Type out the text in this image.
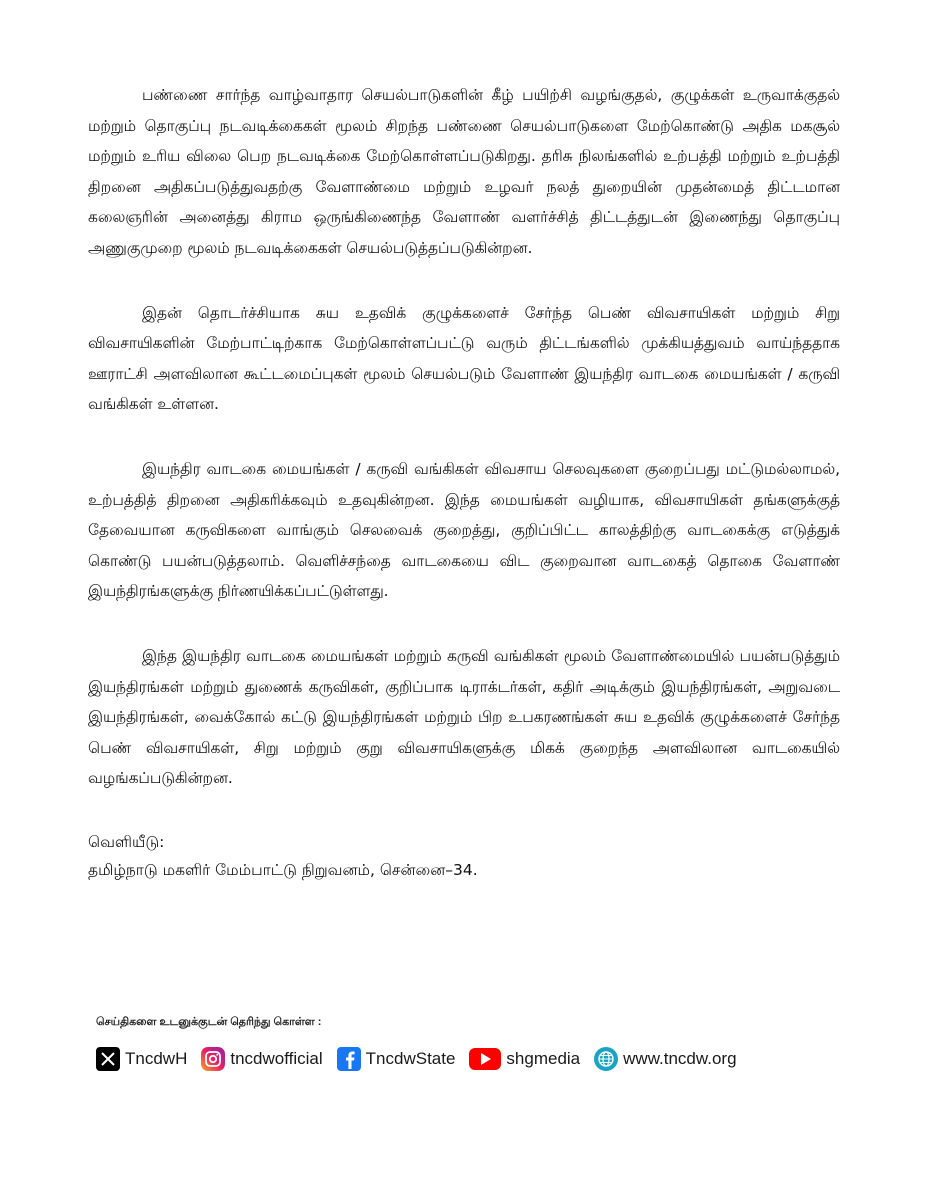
பண்ணை சார்ந்த வாழ்வாதார செயல்பாடுகளின் கீழ் பயிற்சி வழங்குதல், குழுக்கள் உருவாக்குதல் மற்றும் தொகுப்பு நடவடிக்கைகள் மூலம் சிறந்த பண்ணை செயல்பாடுகளை மேற்கொண்டு அதிக மகசூல் மற்றும் உரிய விலை பெற நடவடிக்கை மேற்கொள்ளப்படுகிறது. தரிசு நிலங்களில் உற்பத்தி மற்றும் உற்பத்தி திறனை அதிகப்படுத்துவதற்கு வேளாண்மை மற்றும் உழவர் நலத் துறையின் முதன்மைத் திட்டமான கலைஞரின் அனைத்து கிராம ஒருங்கிணைந்த வேளாண் வளர்ச்சித் திட்டத்துடன் இணைந்து தொகுப்பு அணுகுமுறை மூலம் நடவடிக்கைகள் செயல்படுத்தப்படுகின்றன.

இதன் தொடர்ச்சியாக சுய உதவிக் குழுக்களைச் சேர்ந்த பெண் விவசாயிகள் மற்றும் சிறு விவசாயிகளின் மேற்பாட்டிற்காக மேற்கொள்ளப்பட்டு வரும் திட்டங்களில் முக்கியத்துவம் வாய்ந்ததாக ஊராட்சி அளவிலான கூட்டமைப்புகள் மூலம் செயல்படும் வேளாண் இயந்திர வாடகை மையங்கள் / கருவி வங்கிகள் உள்ளன.

இயந்திர வாடகை மையங்கள் / கருவி வங்கிகள் விவசாய செலவுகளை குறைப்பது மட்டுமல்லாமல், உற்பத்தித் திறனை அதிகரிக்கவும் உதவுகின்றன. இந்த மையங்கள் வழியாக, விவசாயிகள் தங்களுக்குத் தேவையான கருவிகளை வாங்கும் செலவைக் குறைத்து, குறிப்பிட்ட காலத்திற்கு வாடகைக்கு எடுத்துக் கொண்டு பயன்படுத்தலாம். வெளிச்சந்தை வாடகையை விட குறைவான வாடகைத் தொகை வேளாண் இயந்திரங்களுக்கு நிர்ணயிக்கப்பட்டுள்ளது.

இந்த இயந்திர வாடகை மையங்கள் மற்றும் கருவி வங்கிகள் மூலம் வேளாண்மையில் பயன்படுத்தும் இயந்திரங்கள் மற்றும் துணைக் கருவிகள், குறிப்பாக டிராக்டர்கள், கதிர் அடிக்கும் இயந்திரங்கள், அறுவடை இயந்திரங்கள், வைக்கோல் கட்டு இயந்திரங்கள் மற்றும் பிற உபகரணங்கள் சுய உதவிக் குழுக்களைச் சேர்ந்த பெண் விவசாயிகள், சிறு மற்றும் குறு விவசாயிகளுக்கு மிகக் குறைந்த அளவிலான வாடகையில் வழங்கப்படுகின்றன.

வெளியீடு:
தமிழ்நாடு மகளிர் மேம்பாட்டு நிறுவனம், சென்னை–34.
செய்திகளை உடனுக்குடன் தெரிந்து கொள்ள :
TncdwH	tncdwofficial	TncdwState	shgmedia	www.tncdw.org
